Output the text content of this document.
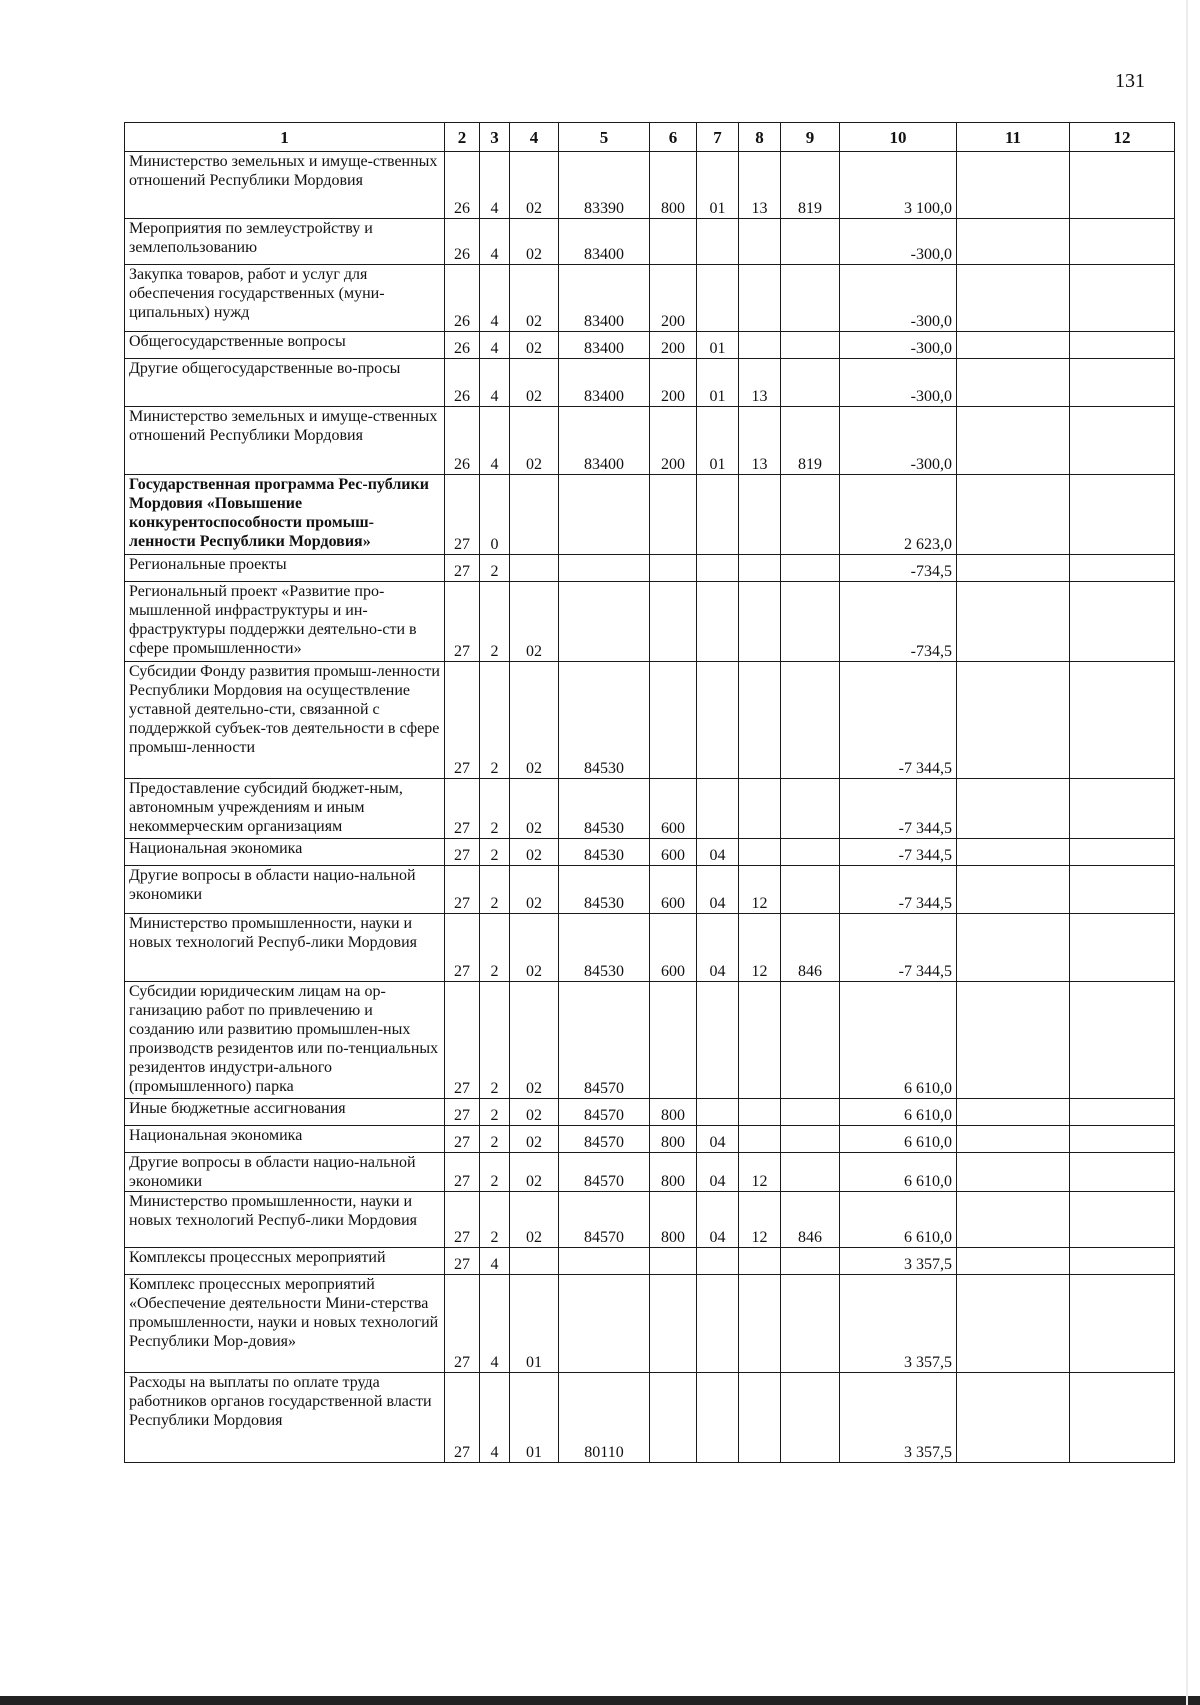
131
1	2	3	4	5	6	7	8	9	10	11	12
Министерство земельных и имуще-ственных отношений Республики Мордовия	26	4	02	83390	800	01	13	819	3 100,0		
Мероприятия по землеустройству и землепользованию	26	4	02	83400					-300,0		
Закупка товаров, работ и услуг для обеспечения государственных (муни-ципальных) нужд	26	4	02	83400	200				-300,0		
Общегосударственные вопросы	26	4	02	83400	200	01			-300,0		
Другие общегосударственные во-просы	26	4	02	83400	200	01	13		-300,0		
Министерство земельных и имуще-ственных отношений Республики Мордовия	26	4	02	83400	200	01	13	819	-300,0		
Государственная программа Рес-публики Мордовия «Повышение конкурентоспособности промыш-ленности Республики Мордовия»	27	0							2 623,0		
Региональные проекты	27	2							-734,5		
Региональный проект «Развитие про-мышленной инфраструктуры и ин-фраструктуры поддержки деятельно-сти в сфере промышленности»	27	2	02						-734,5		
Субсидии Фонду развития промыш-ленности Республики Мордовия на осуществление уставной деятельно-сти, связанной с поддержкой субъек-тов деятельности в сфере промыш-ленности	27	2	02	84530					-7 344,5		
Предоставление субсидий бюджет-ным, автономным учреждениям и иным некоммерческим организациям	27	2	02	84530	600				-7 344,5		
Национальная экономика	27	2	02	84530	600	04			-7 344,5		
Другие вопросы в области нацио-нальной экономики	27	2	02	84530	600	04	12		-7 344,5		
Министерство промышленности, науки и новых технологий Респуб-лики Мордовия	27	2	02	84530	600	04	12	846	-7 344,5		
Субсидии юридическим лицам на ор-ганизацию работ по привлечению и созданию или развитию промышлен-ных производств резидентов или по-тенциальных резидентов индустри-ального (промышленного) парка	27	2	02	84570					6 610,0		
Иные бюджетные ассигнования	27	2	02	84570	800				6 610,0		
Национальная экономика	27	2	02	84570	800	04			6 610,0		
Другие вопросы в области нацио-нальной экономики	27	2	02	84570	800	04	12		6 610,0		
Министерство промышленности, науки и новых технологий Респуб-лики Мордовия	27	2	02	84570	800	04	12	846	6 610,0		
Комплексы процессных мероприятий	27	4							3 357,5		
Комплекс процессных мероприятий «Обеспечение деятельности Мини-стерства промышленности, науки и новых технологий Республики Мор-довия»	27	4	01						3 357,5		
Расходы на выплаты по оплате труда работников органов государственной власти Республики Мордовия	27	4	01	80110					3 357,5		
